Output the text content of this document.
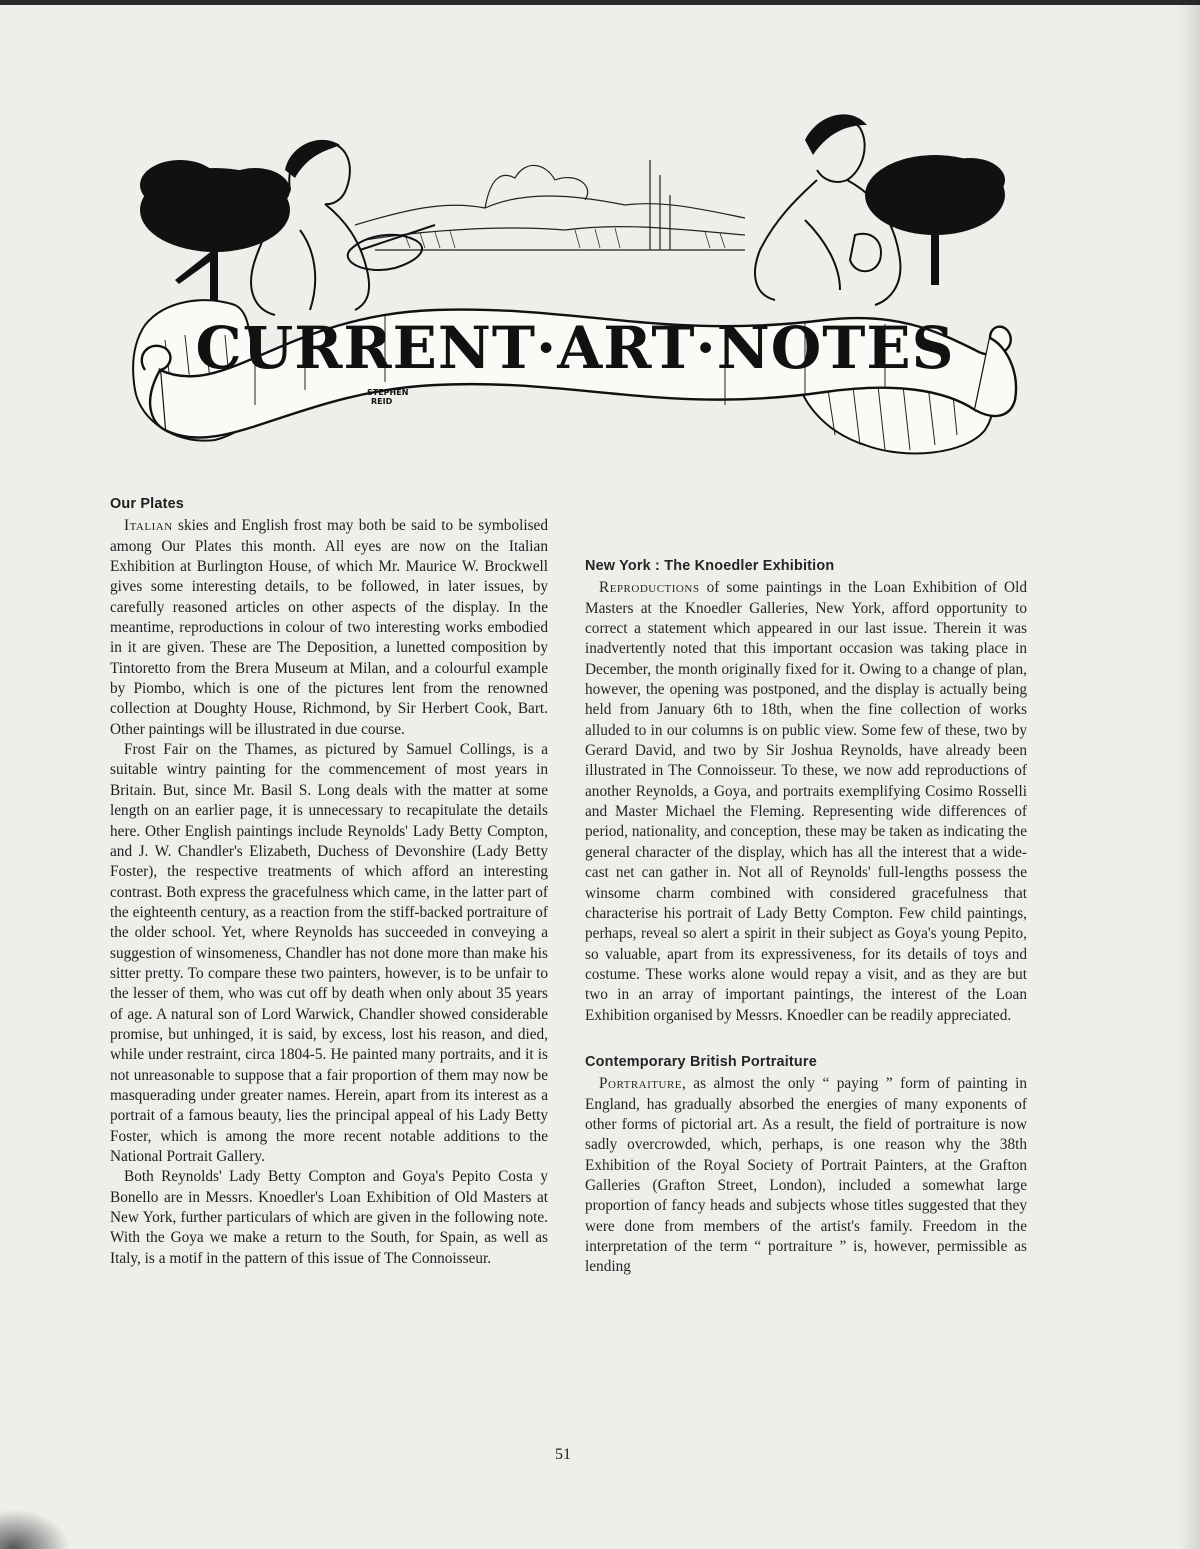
CURRENT·ART·NOTES
STEPHEN
REID
Our Plates

Italian skies and English frost may both be said to be symbolised among Our Plates this month. All eyes are now on the Italian Exhibition at Burlington House, of which Mr. Maurice W. Brockwell gives some interesting details, to be followed, in later issues, by carefully reasoned articles on other aspects of the display. In the meantime, reproductions in colour of two interesting works embodied in it are given. These are The Deposition, a lunetted composition by Tintoretto from the Brera Museum at Milan, and a colourful example by Piombo, which is one of the pictures lent from the renowned collection at Doughty House, Richmond, by Sir Herbert Cook, Bart. Other paintings will be illustrated in due course.

Frost Fair on the Thames, as pictured by Samuel Collings, is a suitable wintry painting for the commencement of most years in Britain. But, since Mr. Basil S. Long deals with the matter at some length on an earlier page, it is unnecessary to recapitulate the details here. Other English paintings include Reynolds' Lady Betty Compton, and J. W. Chandler's Elizabeth, Duchess of Devonshire (Lady Betty Foster), the respective treatments of which afford an interesting contrast. Both express the gracefulness which came, in the latter part of the eighteenth century, as a reaction from the stiff-backed portraiture of the older school. Yet, where Reynolds has succeeded in conveying a suggestion of winsomeness, Chandler has not done more than make his sitter pretty. To compare these two painters, however, is to be unfair to the lesser of them, who was cut off by death when only about 35 years of age. A natural son of Lord Warwick, Chandler showed considerable promise, but unhinged, it is said, by excess, lost his reason, and died, while under restraint, circa 1804-5. He painted many portraits, and it is not unreasonable to suppose that a fair proportion of them may now be masquerading under greater names. Herein, apart from its interest as a portrait of a famous beauty, lies the principal appeal of his Lady Betty Foster, which is among the more recent notable additions to the National Portrait Gallery.

Both Reynolds' Lady Betty Compton and Goya's Pepito Costa y Bonello are in Messrs. Knoedler's Loan Exhibition of Old Masters at New York, further particulars of which are given in the following note. With the Goya we make a return to the South, for Spain, as well as Italy, is a motif in the pattern of this issue of The Connoisseur.

New York : The Knoedler Exhibition

Reproductions of some paintings in the Loan Exhibition of Old Masters at the Knoedler Galleries, New York, afford opportunity to correct a statement which appeared in our last issue. Therein it was inadvertently noted that this important occasion was taking place in December, the month originally fixed for it. Owing to a change of plan, however, the opening was postponed, and the display is actually being held from January 6th to 18th, when the fine collection of works alluded to in our columns is on public view. Some few of these, two by Gerard David, and two by Sir Joshua Reynolds, have already been illustrated in The Connoisseur. To these, we now add reproductions of another Reynolds, a Goya, and portraits exemplifying Cosimo Rosselli and Master Michael the Fleming. Representing wide differences of period, nationality, and conception, these may be taken as indicating the general character of the display, which has all the interest that a wide-cast net can gather in. Not all of Reynolds' full-lengths possess the winsome charm combined with considered gracefulness that characterise his portrait of Lady Betty Compton. Few child paintings, perhaps, reveal so alert a spirit in their subject as Goya's young Pepito, so valuable, apart from its expressiveness, for its details of toys and costume. These works alone would repay a visit, and as they are but two in an array of important paintings, the interest of the Loan Exhibition organised by Messrs. Knoedler can be readily appreciated.

Contemporary British Portraiture

Portraiture, as almost the only “ paying ” form of painting in England, has gradually absorbed the energies of many exponents of other forms of pictorial art. As a result, the field of portraiture is now sadly overcrowded, which, perhaps, is one reason why the 38th Exhibition of the Royal Society of Portrait Painters, at the Grafton Galleries (Grafton Street, London), included a somewhat large proportion of fancy heads and subjects whose titles suggested that they were done from members of the artist's family. Freedom in the interpretation of the term “ portraiture ” is, however, permissible as lending

51
